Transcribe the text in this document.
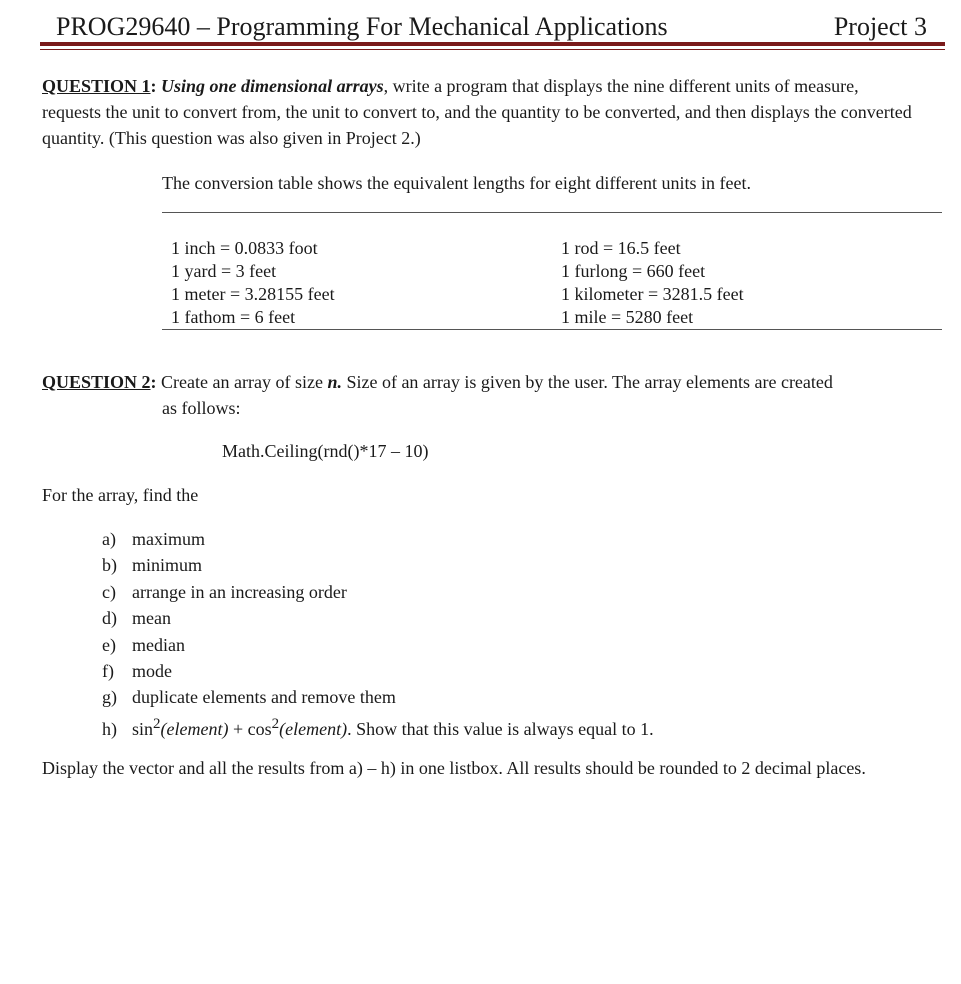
PROG29640 – Programming For Mechanical Applications	Project 3
QUESTION 1: Using one dimensional arrays, write a program that displays the nine different units of measure, requests the unit to convert from, the unit to convert to, and the quantity to be converted, and then displays the converted quantity. (This question was also given in Project 2.)
The conversion table shows the equivalent lengths for eight different units in feet.
1 inch = 0.0833 foot
1 yard = 3 feet
1 meter = 3.28155 feet
1 fathom = 6 feet
1 rod = 16.5 feet
1 furlong = 660 feet
1 kilometer = 3281.5 feet
1 mile = 5280 feet
QUESTION 2: Create an array of size n. Size of an array is given by the user. The array elements are created
as follows:
Math.Ceiling(rnd()*17 – 10)
For the array, find the
a) maximum
b) minimum
c) arrange in an increasing order
d) mean
e) median
f) mode
g) duplicate elements and remove them
h) $\sin^2(element)$ + $\cos^2(element)$. Show that this value is always equal to 1.
Display the vector and all the results from a) – h) in one listbox. All results should be rounded to 2 decimal places.
